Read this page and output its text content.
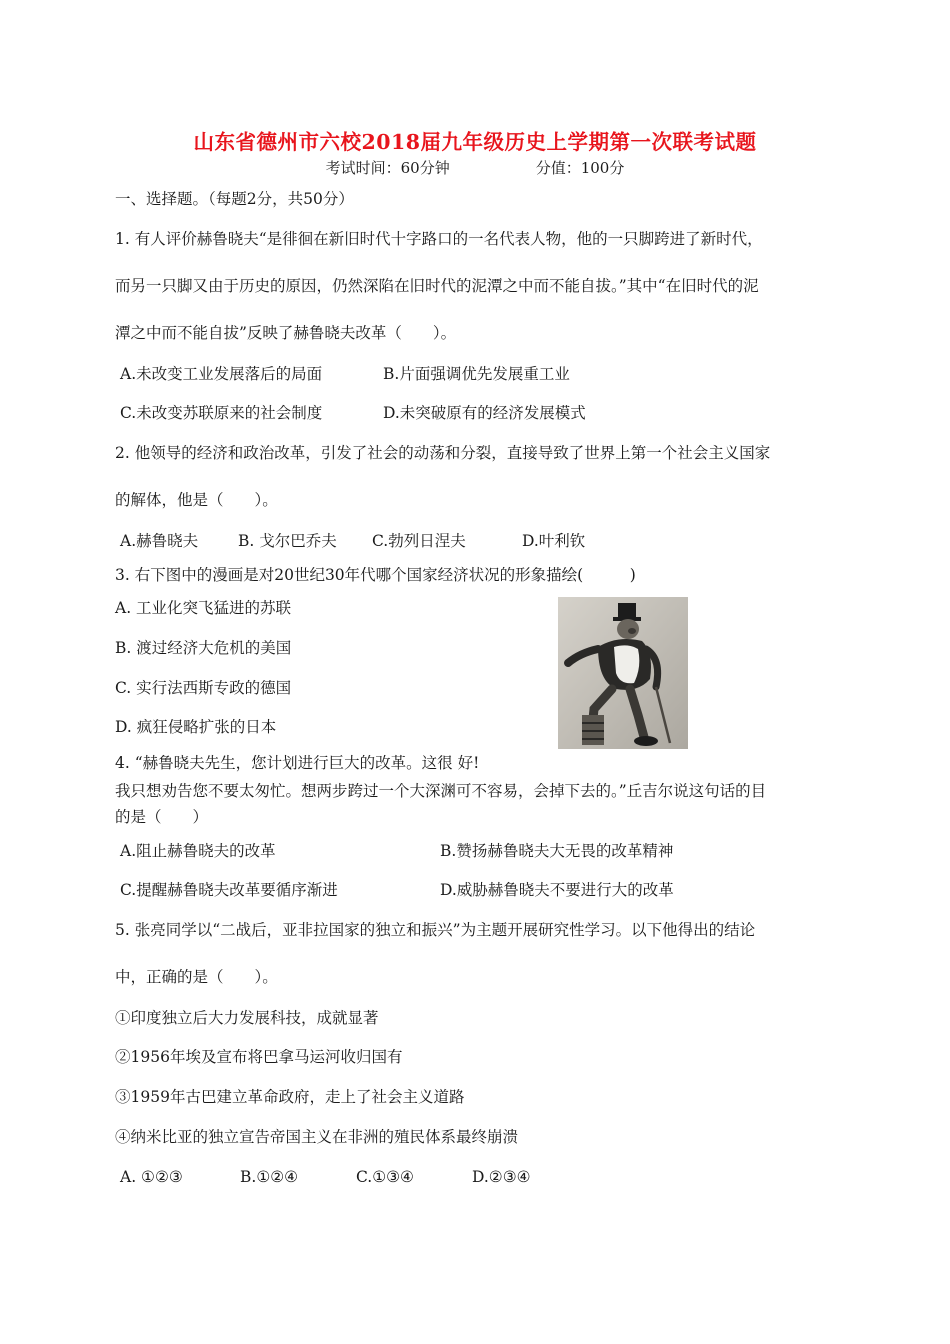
山东省德州市六校2018届九年级历史上学期第一次联考试题
考试时间：60分钟	分值：100分
一、选择题。（每题2分，共50分）
1. 有人评价赫鲁晓夫“是徘徊在新旧时代十字路口的一名代表人物，他的一只脚跨进了新时代，
而另一只脚又由于历史的原因，仍然深陷在旧时代的泥潭之中而不能自拔。”其中“在旧时代的泥
潭之中而不能自拔”反映了赫鲁晓夫改革（　　）。
A.未改变工业发展落后的局面	B.片面强调优先发展重工业
C.未改变苏联原来的社会制度	D.未突破原有的经济发展模式
2. 他领导的经济和政治改革，引发了社会的动荡和分裂，直接导致了世界上第一个社会主义国家
的解体，他是（　　）。
A.赫鲁晓夫	B. 戈尔巴乔夫 C.勃列日涅夫	D.叶利钦
3. 右下图中的漫画是对20世纪30年代哪个国家经济状况的形象描绘(　　　)
A. 工业化突飞猛进的苏联
B. 渡过经济大危机的美国
C. 实行法西斯专政的德国
D. 疯狂侵略扩张的日本
4. “赫鲁晓夫先生，您计划进行巨大的改革。这很 好!
我只想劝告您不要太匆忙。想两步跨过一个大深渊可不容易，会掉下去的。”丘吉尔说这句话的目
的是（　　）
A.阻止赫鲁晓夫的改革	B.赞扬赫鲁晓夫大无畏的改革精神
C.提醒赫鲁晓夫改革要循序渐进	D.威胁赫鲁晓夫不要进行大的改革
5. 张亮同学以“二战后，亚非拉国家的独立和振兴”为主题开展研究性学习。以下他得出的结论
中，正确的是（　　）。
①印度独立后大力发展科技，成就显著
②1956年埃及宣布将巴拿马运河收归国有
③1959年古巴建立革命政府，走上了社会主义道路
④纳米比亚的独立宣告帝国主义在非洲的殖民体系最终崩溃
A. ①②③	B.①②④	C.①③④	D.②③④
